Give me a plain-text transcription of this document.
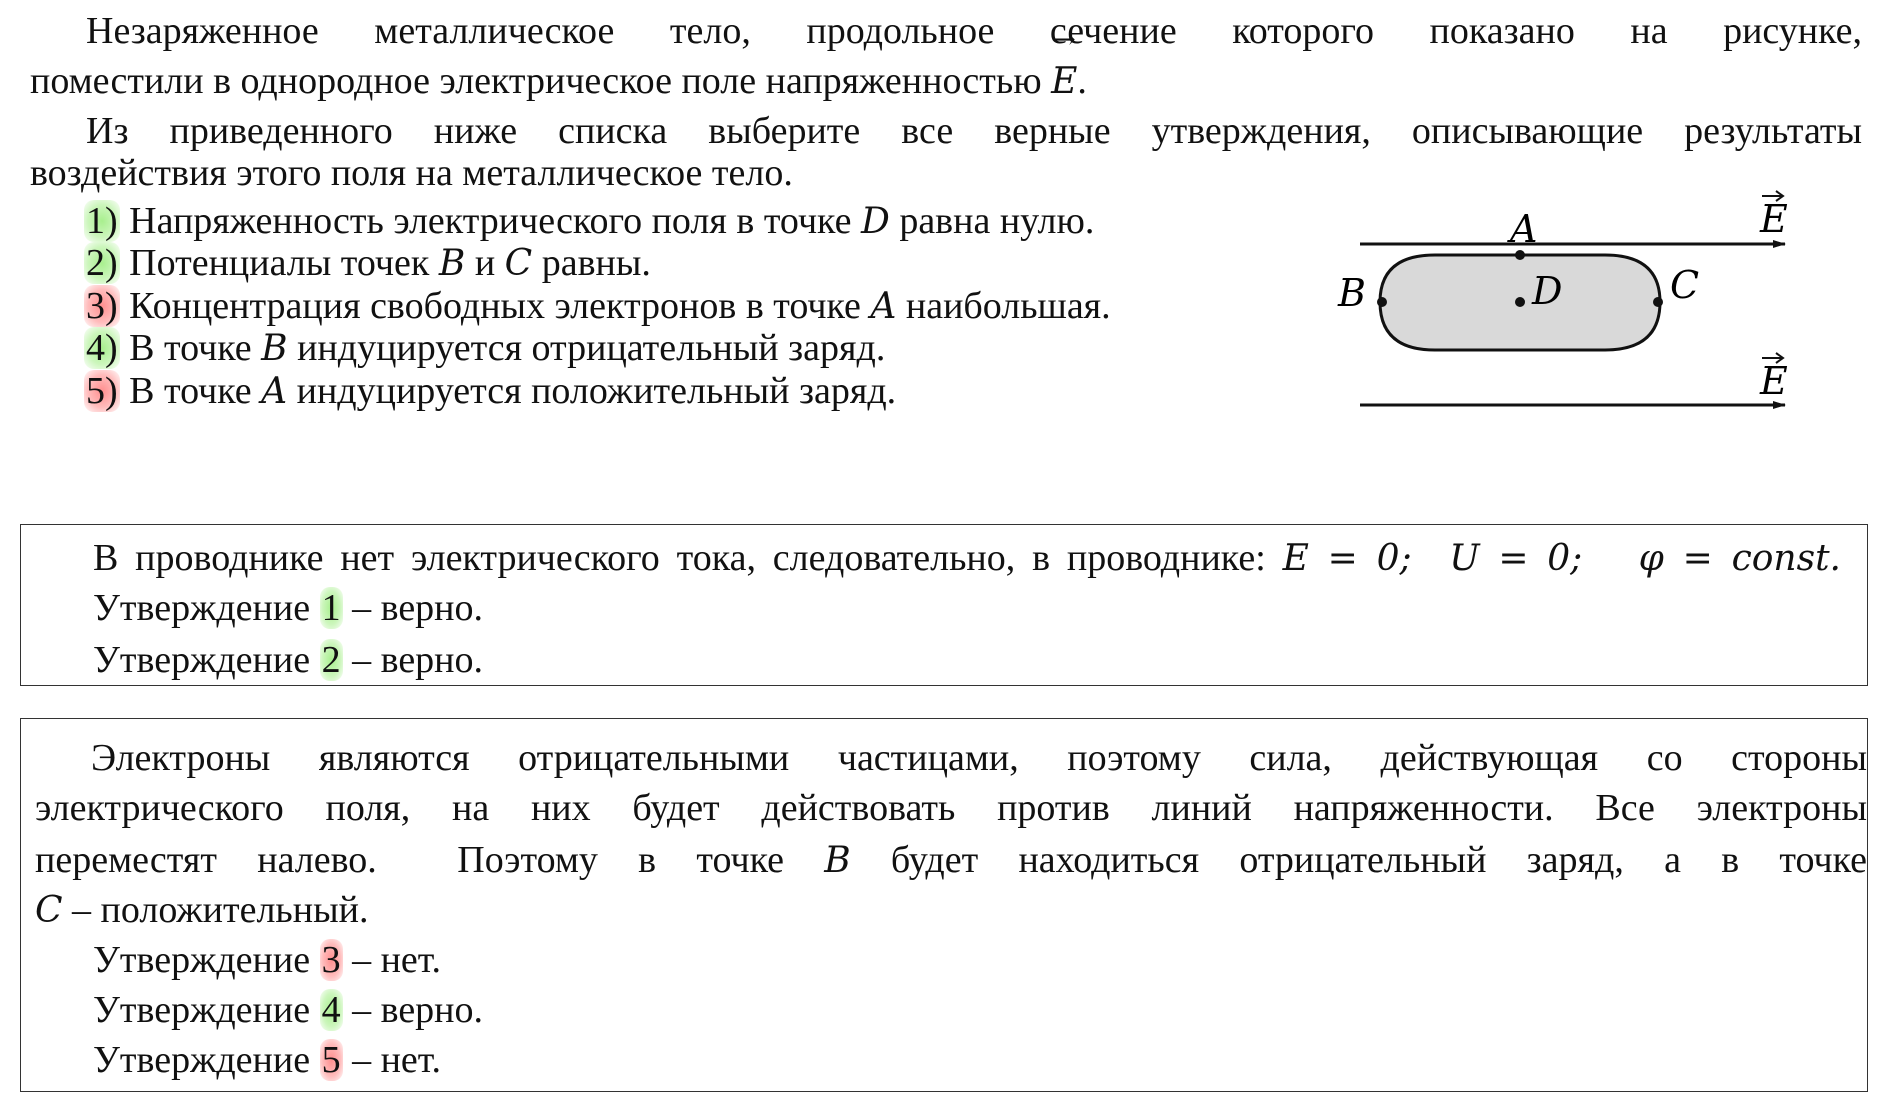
Незаряженное металлическое тело, продольное сечение которого показано на рисунке,
поместили в однородное электрическое поле напряженностью → E.
Из приведенного ниже списка выберите все верные утверждения, описывающие результаты
воздействия этого поля на металлическое тело.
1) Напряженность электрического поля в точке D равна нулю.
2) Потенциалы точек B и C равны.
3) Концентрация свободных электронов в точке A наибольшая.
4) В точке B индуцируется отрицательный заряд.
5) В точке A индуцируется положительный заряд.
E
A
D
B	C
E
В проводнике нет электрического тока, следовательно, в проводнике: E = 0;  U = 0;   φ = const.
Утверждение 1 – верно.
Утверждение 2 – верно.
Электроны являются отрицательными частицами, поэтому сила, действующая со стороны
электрического поля, на них будет действовать против линий напряженности. Все электроны
переместят налево.  Поэтому в точке B будет находиться отрицательный заряд, а в точке
C – положительный.
Утверждение 3 – нет.
Утверждение 4 – верно.
Утверждение 5 – нет.
